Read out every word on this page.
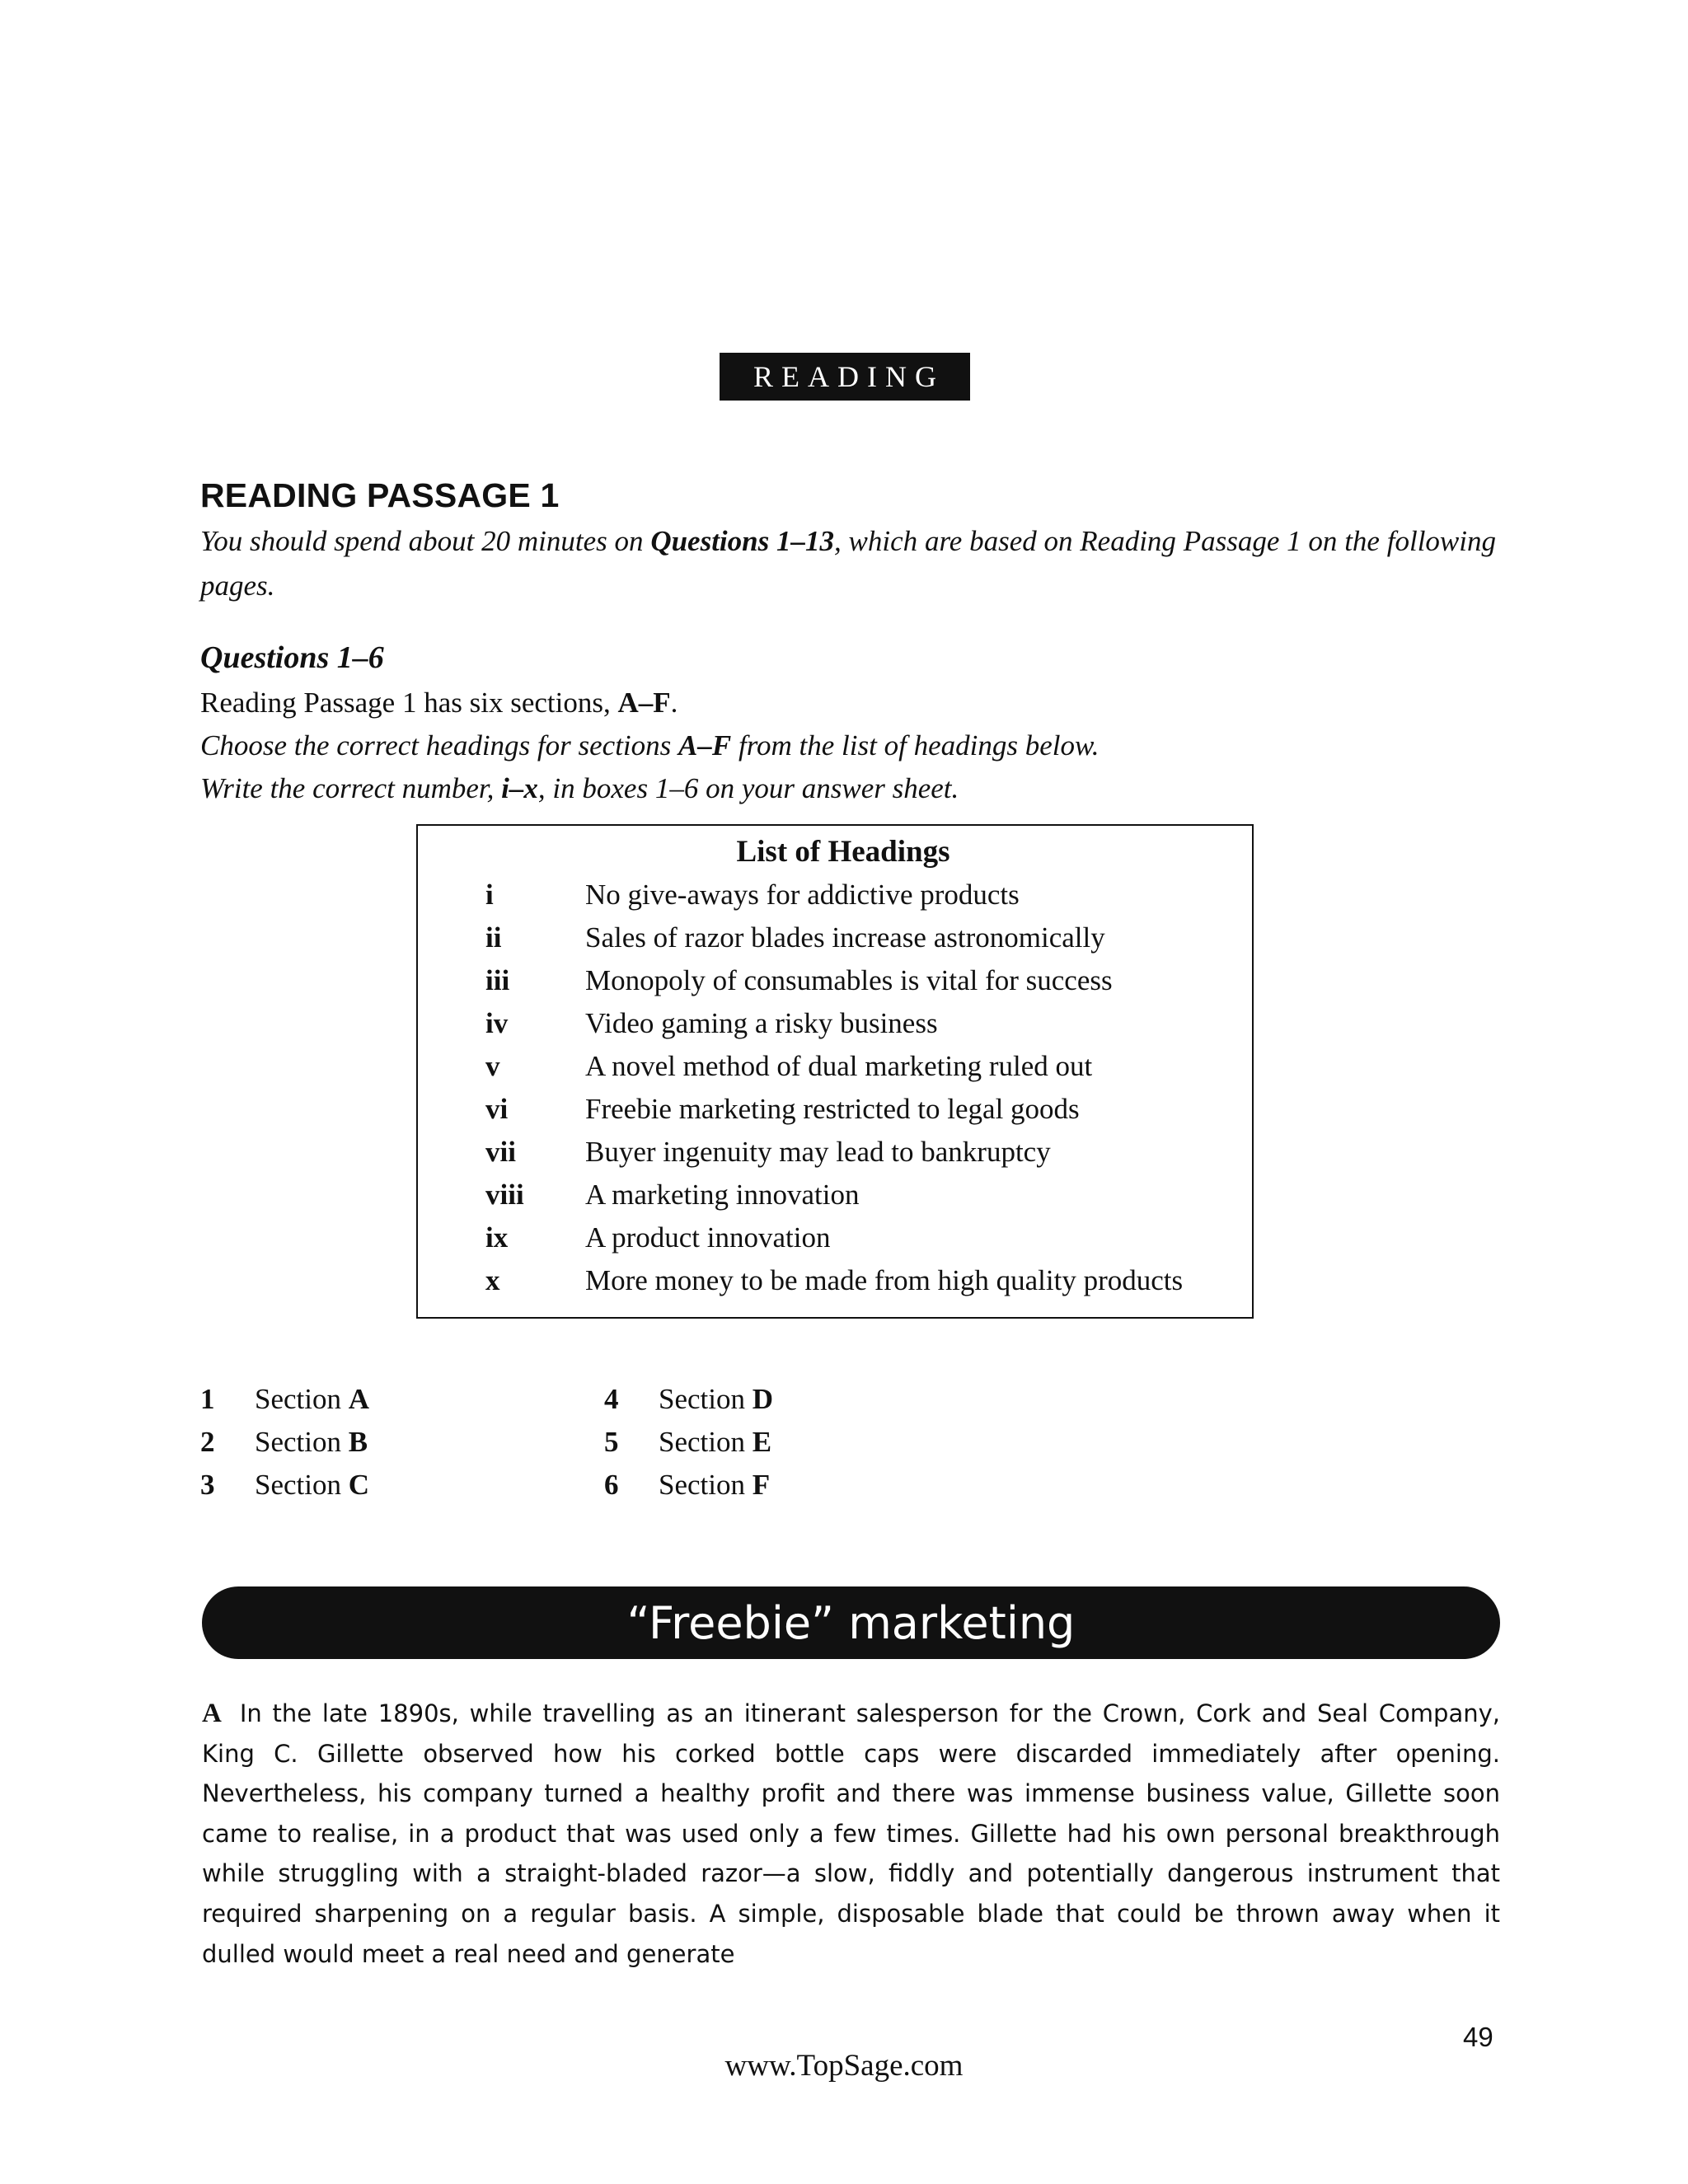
READING
READING PASSAGE 1
You should spend about 20 minutes on Questions 1–13, which are based on Reading Passage 1 on the following pages.
Questions 1–6
Reading Passage 1 has six sections, A–F.
Choose the correct headings for sections A–F from the list of headings below.
Write the correct number, i–x, in boxes 1–6 on your answer sheet.
List of Headings
i	No give-aways for addictive products
ii	Sales of razor blades increase astronomically
iii	Monopoly of consumables is vital for success
iv	Video gaming a risky business
v	A novel method of dual marketing ruled out
vi	Freebie marketing restricted to legal goods
vii Buyer ingenuity may lead to bankruptcy
viii A marketing innovation
ix	A product innovation
x	More money to be made from high quality products
1 Section A
2 Section B
3 Section C
4 Section D
5 Section E
6 Section F
“Freebie” marketing
A In the late 1890s, while travelling as an itinerant salesperson for the Crown, Cork and Seal Company, King C. Gillette observed how his corked bottle caps were discarded immediately after opening. Nevertheless, his company turned a healthy profit and there was immense business value, Gillette soon came to realise, in a product that was used only a few times. Gillette had his own personal breakthrough while struggling with a straight-bladed razor—a slow, fiddly and potentially dangerous instrument that required sharpening on a regular basis. A simple, disposable blade that could be thrown away when it dulled would meet a real need and generate
49
www.TopSage.com
